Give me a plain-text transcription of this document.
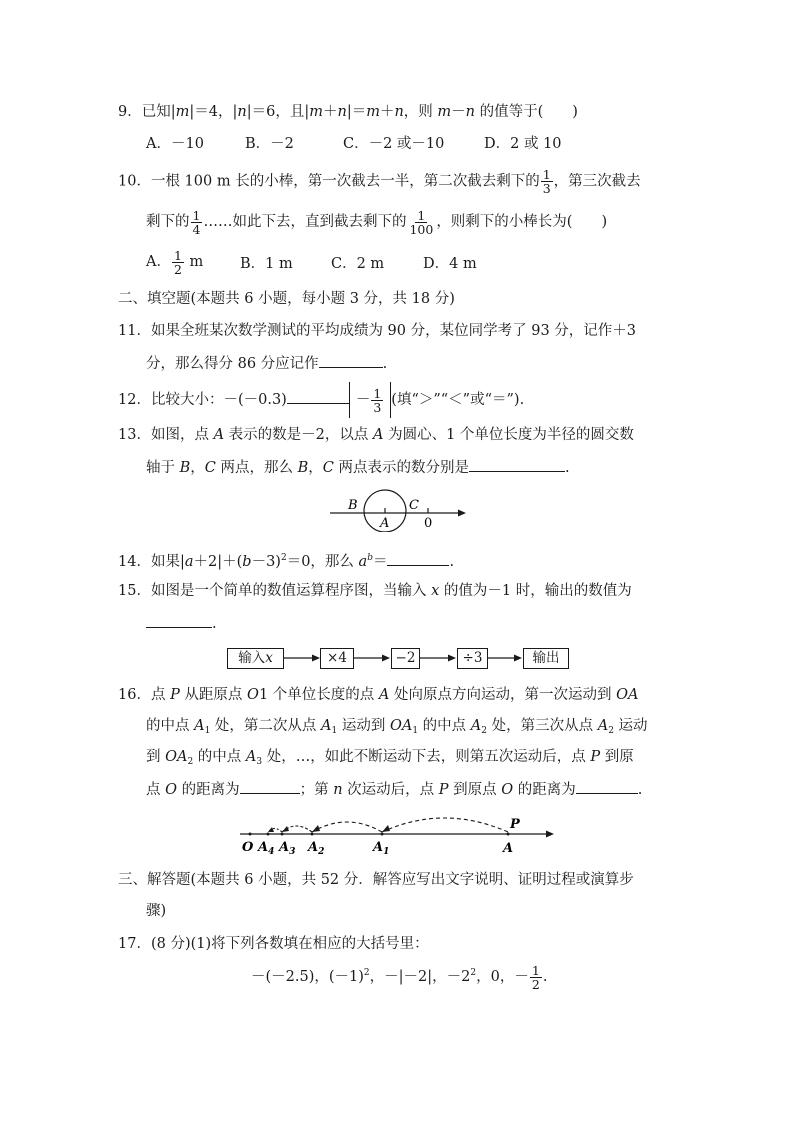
9．已知|m|＝4，|n|＝6，且|m＋n|＝m＋n，则 m－n 的值等于(　　)
A．－10	B．－2	C．－2 或－10	D．2 或 10
10．一根 100 m 长的小棒，第一次截去一半，第二次截去剩下的 $\frac{1}{3}$ ，第三次截去
剩下的 $\frac{1}{4}$ ……如此下去，直到截去剩下的 $\frac{1}{100}$ ，则剩下的小棒长为(　　)
A． $\frac{1}{2}$ m	B．1 m	C．2 m	D．4 m
二、填空题(本题共 6 小题，每小题 3 分，共 18 分)
11．如果全班某次数学测试的平均成绩为 90 分，某位同学考了 93 分，记作＋3
分，那么得分 86 分应记作	.
12．比较大小：－(－0.3)	－ $\frac{1}{3}$ (填“＞”“＜”或“＝”).
13．如图，点 A 表示的数是－2，以点 A 为圆心、1 个单位长度为半径的圆交数
轴于 B，C 两点，那么 B，C 两点表示的数分别是	.
B	C
A	0
14．如果$|a+2|+(b-3)^2=0$，那么 $a^b=$	.
15．如图是一个简单的数值运算程序图，当输入 x 的值为－1 时，输出的数值为
.
输入x	×4	−2	÷3	输出
16．点 P 从距原点 O1 个单位长度的点 A 处向原点方向运动，第一次运动到 OA
的中点 $A_1$ 处，第二次从点 $A_1$ 运动到 $OA_1$ 的中点 $A_2$ 处，第三次从点 $A_2$ 运动
到 $OA_2$ 的中点 $A_3$ 处，…，如此不断运动下去，则第五次运动后，点 P 到原
点 O 的距离为	；第 n 次运动后，点 P 到原点 O 的距离为	.
P
O $A_4$ $A_3$ $A_2$	$A_1$	A
三、解答题(本题共 6 小题，共 52 分．解答应写出文字说明、证明过程或演算步
骤)
17．(8 分)(1)将下列各数填在相应的大括号里：
－(－2.5)，$(-1)^2$，－|－2|，$-2^2$，0，－ $\frac{1}{2}$ .
